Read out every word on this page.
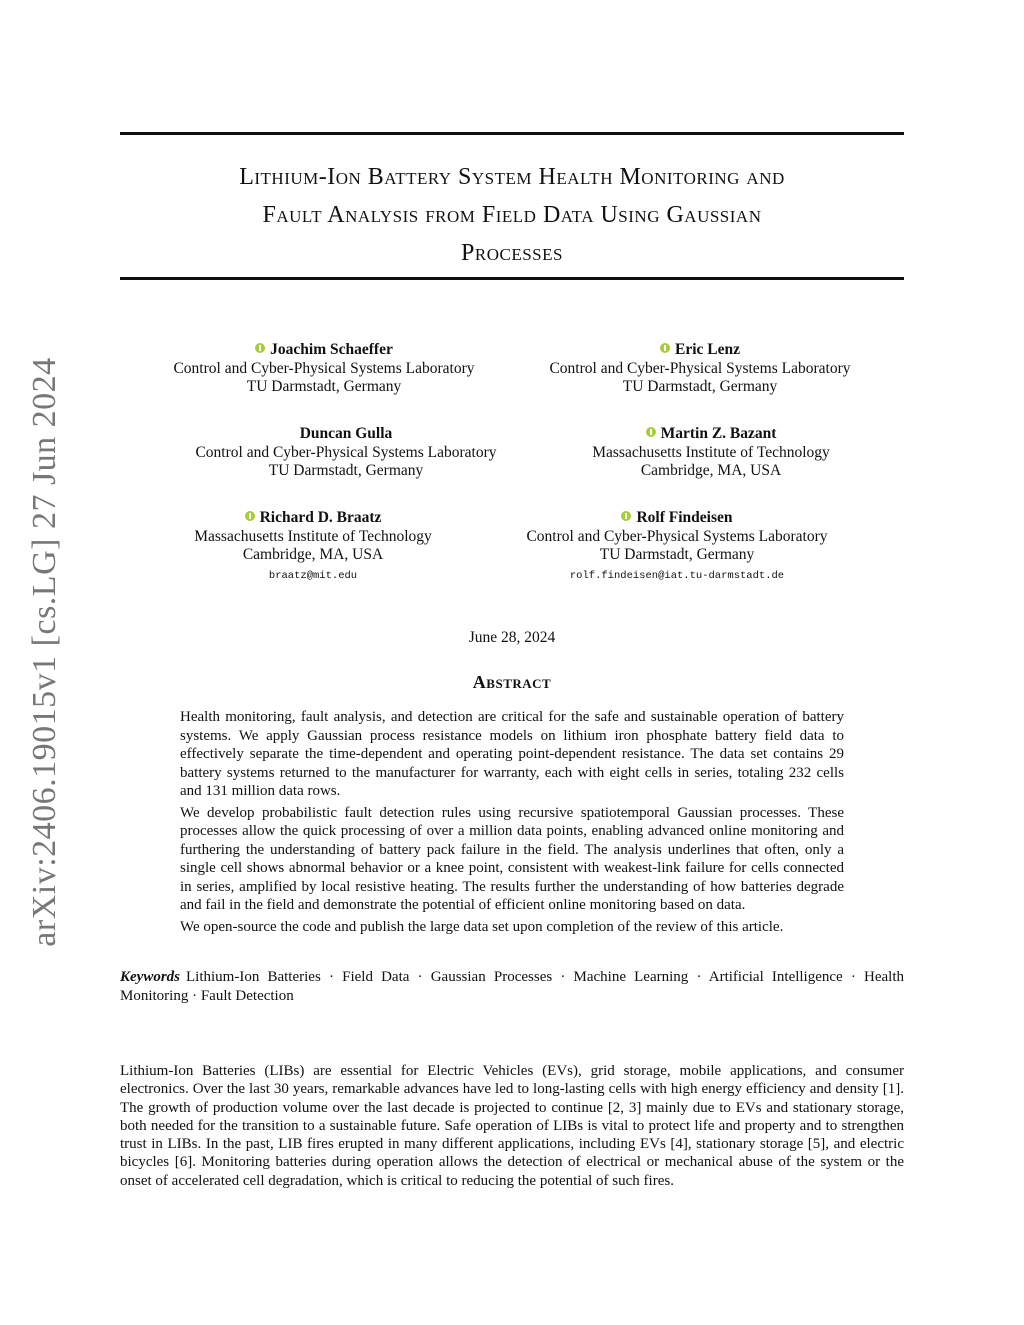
arXiv:2406.19015v1 [cs.LG] 27 Jun 2024
Lithium-Ion Battery System Health Monitoring and
Fault Analysis from Field Data Using Gaussian
Processes
Joachim Schaeffer
Control and Cyber-Physical Systems Laboratory
TU Darmstadt, Germany
Eric Lenz
Control and Cyber-Physical Systems Laboratory
TU Darmstadt, Germany
Duncan Gulla
Control and Cyber-Physical Systems Laboratory
TU Darmstadt, Germany
Martin Z. Bazant
Massachusetts Institute of Technology
Cambridge, MA, USA
Richard D. Braatz
Massachusetts Institute of Technology
Cambridge, MA, USA
braatz@mit.edu
Rolf Findeisen
Control and Cyber-Physical Systems Laboratory
TU Darmstadt, Germany
rolf.findeisen@iat.tu-darmstadt.de
June 28, 2024
Abstract

Health monitoring, fault analysis, and detection are critical for the safe and sustainable operation of battery systems. We apply Gaussian process resistance models on lithium iron phosphate battery field data to effectively separate the time-dependent and operating point-dependent resistance. The data set contains 29 battery systems returned to the manufacturer for warranty, each with eight cells in series, totaling 232 cells and 131 million data rows.

We develop probabilistic fault detection rules using recursive spatiotemporal Gaussian processes. These processes allow the quick processing of over a million data points, enabling advanced online monitoring and furthering the understanding of battery pack failure in the field. The analysis underlines that often, only a single cell shows abnormal behavior or a knee point, consistent with weakest-link failure for cells connected in series, amplified by local resistive heating. The results further the understanding of how batteries degrade and fail in the field and demonstrate the potential of efficient online monitoring based on data.

We open-source the code and publish the large data set upon completion of the review of this article.

Keywords Lithium-Ion Batteries · Field Data · Gaussian Processes · Machine Learning · Artificial Intelligence · Health Monitoring · Fault Detection

Lithium-Ion Batteries (LIBs) are essential for Electric Vehicles (EVs), grid storage, mobile applications, and consumer electronics. Over the last 30 years, remarkable advances have led to long-lasting cells with high energy efficiency and density [1]. The growth of production volume over the last decade is projected to continue [2, 3] mainly due to EVs and stationary storage, both needed for the transition to a sustainable future. Safe operation of LIBs is vital to protect life and property and to strengthen trust in LIBs. In the past, LIB fires erupted in many different applications, including EVs [4], stationary storage [5], and electric bicycles [6]. Monitoring batteries during operation allows the detection of electrical or mechanical abuse of the system or the onset of accelerated cell degradation, which is critical to reducing the potential of such fires.
